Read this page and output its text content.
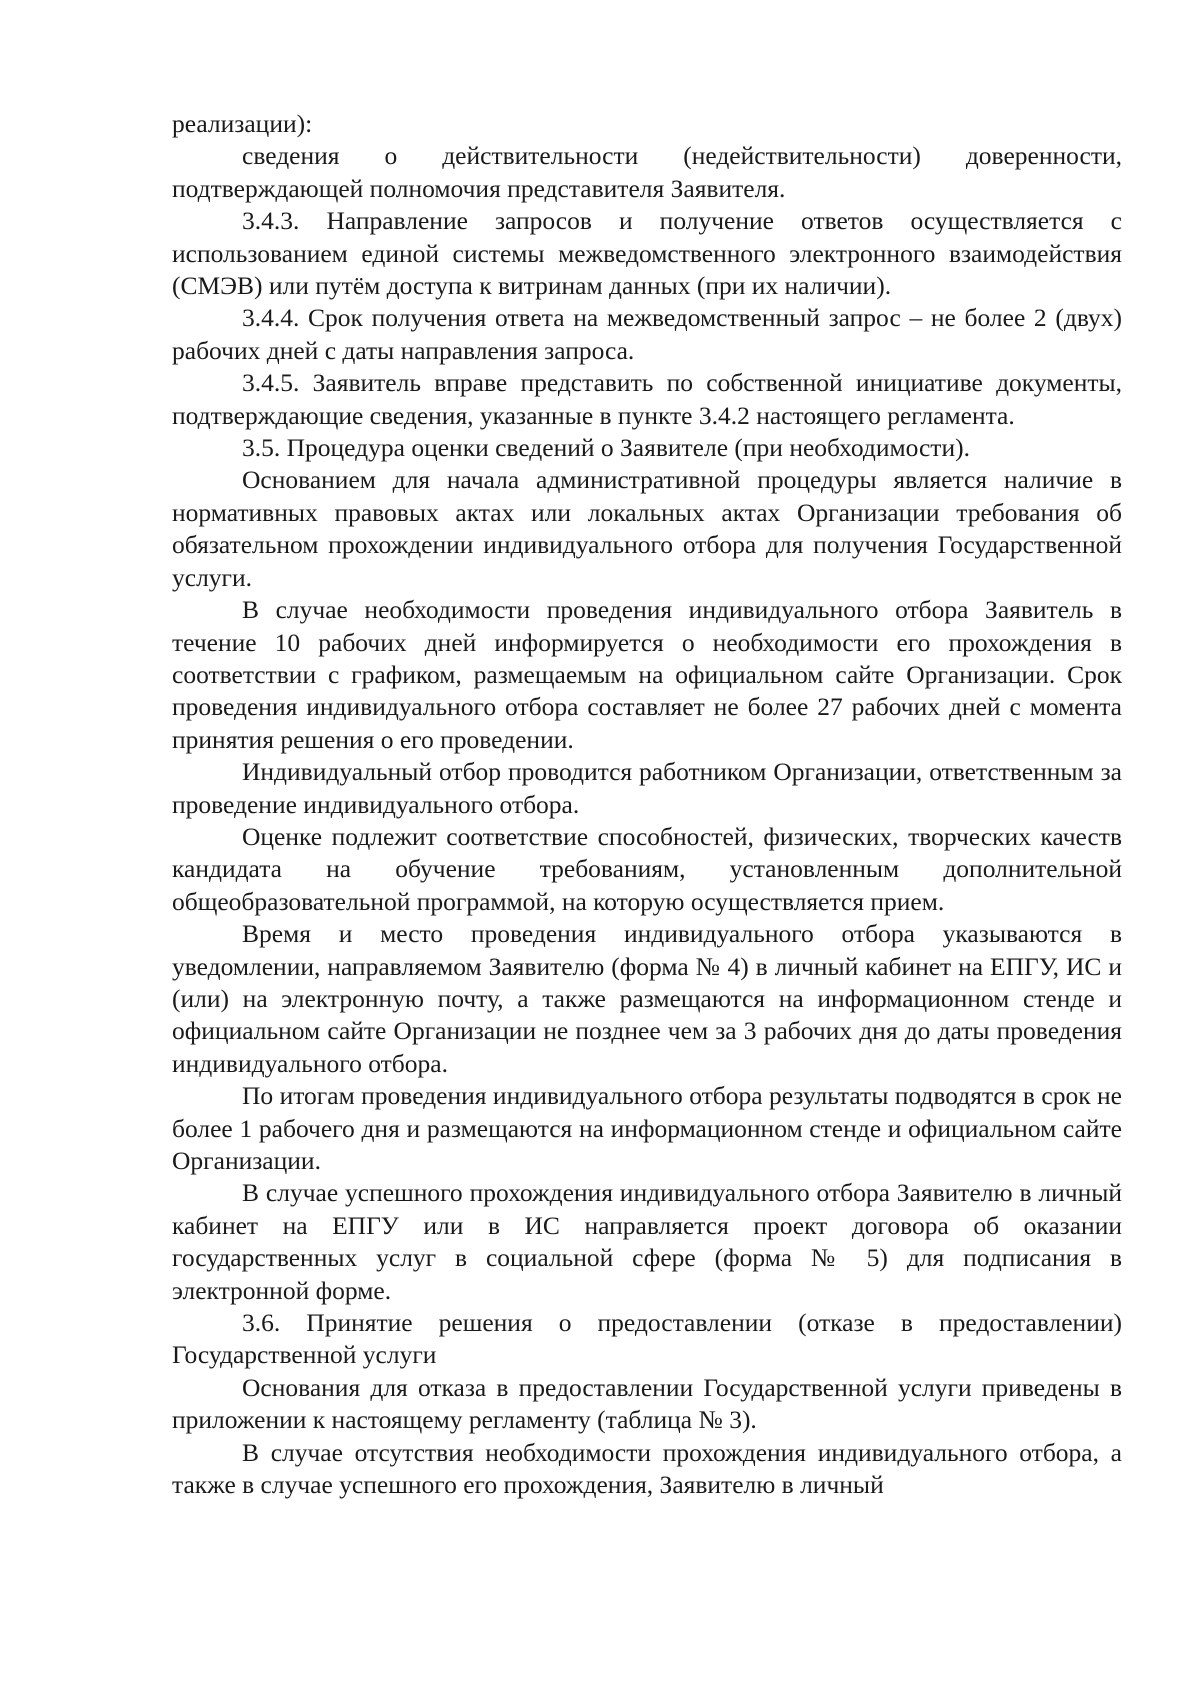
реализации):

сведения о действительности (недействительности) доверенности, подтверждающей полномочия представителя Заявителя.

3.4.3. Направление запросов и получение ответов осуществляется с использованием единой системы межведомственного электронного взаимодействия (СМЭВ) или путём доступа к витринам данных (при их наличии).

3.4.4. Срок получения ответа на межведомственный запрос – не более 2 (двух) рабочих дней с даты направления запроса.

3.4.5. Заявитель вправе представить по собственной инициативе документы, подтверждающие сведения, указанные в пункте 3.4.2 настоящего регламента.

3.5. Процедура оценки сведений о Заявителе (при необходимости).

Основанием для начала административной процедуры является наличие в нормативных правовых актах или локальных актах Организации требования об обязательном прохождении индивидуального отбора для получения Государственной услуги.

В случае необходимости проведения индивидуального отбора Заявитель в течение 10 рабочих дней информируется о необходимости его прохождения в соответствии с графиком, размещаемым на официальном сайте Организации. Срок проведения индивидуального отбора составляет не более 27 рабочих дней с момента принятия решения о его проведении.

Индивидуальный отбор проводится работником Организации, ответственным за проведение индивидуального отбора.

Оценке подлежит соответствие способностей, физических, творческих качеств кандидата на обучение требованиям, установленным дополнительной общеобразовательной программой, на которую осуществляется прием.

Время и место проведения индивидуального отбора указываются в уведомлении, направляемом Заявителю (форма № 4) в личный кабинет на ЕПГУ, ИС и (или) на электронную почту, а также размещаются на информационном стенде и официальном сайте Организации не позднее чем за 3 рабочих дня до даты проведения индивидуального отбора.

По итогам проведения индивидуального отбора результаты подводятся в срок не более 1 рабочего дня и размещаются на информационном стенде и официальном сайте Организации.

В случае успешного прохождения индивидуального отбора Заявителю в личный кабинет на ЕПГУ или в ИС направляется проект договора об оказании государственных услуг в социальной сфере (форма № 5) для подписания в электронной форме.

3.6. Принятие решения о предоставлении (отказе в предоставлении) Государственной услуги

Основания для отказа в предоставлении Государственной услуги приведены в приложении к настоящему регламенту (таблица № 3).

В случае отсутствия необходимости прохождения индивидуального отбора, а также в случае успешного его прохождения, Заявителю в личный
